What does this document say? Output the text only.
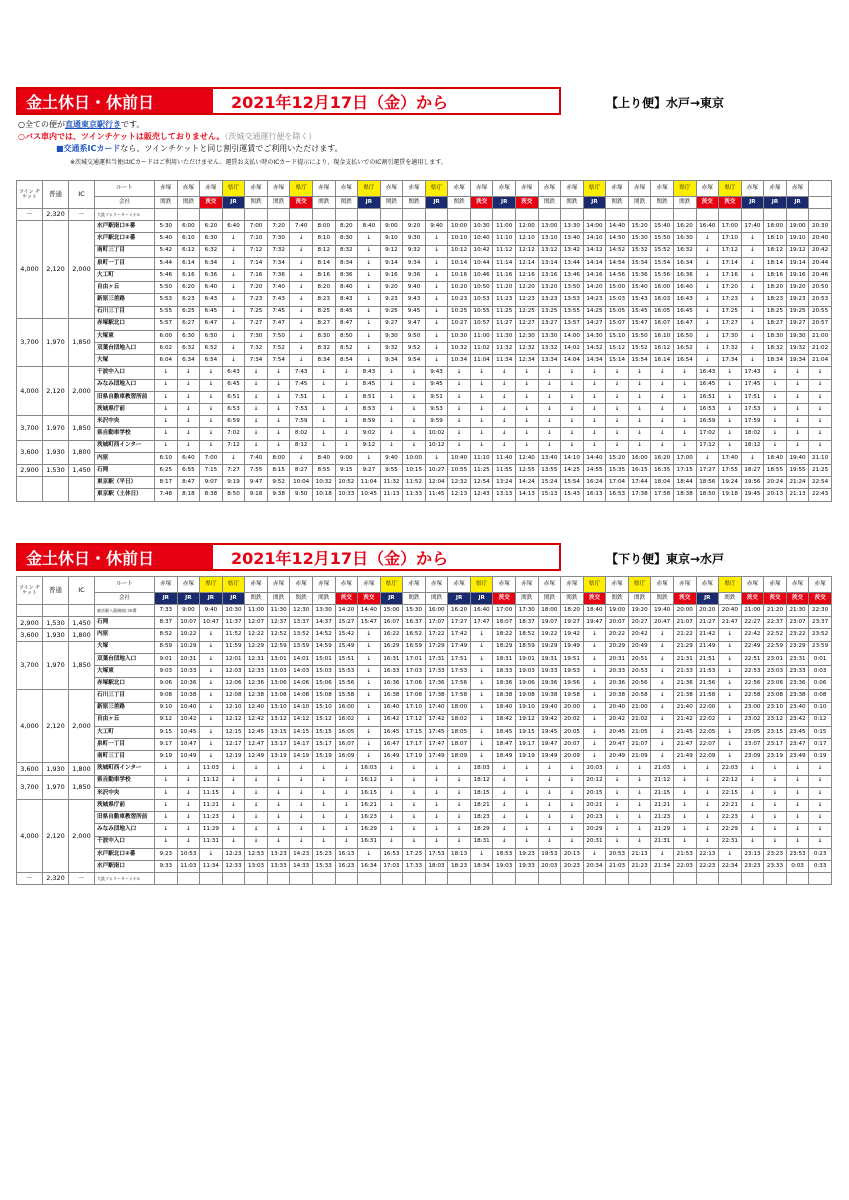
金土休日・休前日	2021年12月17日（金）から	【上り便】水戸→東京
○全ての便が直通東京駅行きです。
○バス車内では、ツインチケットは販売しておりません。（茨城交通運行便を除く）
■交通系ICカードなら、ツインチケットと同じ割引運賃でご利用いただけます。
※茨城交通運担当便はICカードはご利用いただけません。運賃お支払い時のICカード提示により、現金支払いでのIC割引運賃を適用します。
ツイン チケット	普通	IC	ルート	赤塚	赤塚	赤塚	県庁	赤塚	赤塚	県庁	赤塚	赤塚	県庁	赤塚	赤塚	県庁	赤塚	赤塚	赤塚	赤塚	赤塚	赤塚	県庁	赤塚	赤塚	赤塚	県庁	赤塚	県庁	赤塚	赤塚	赤塚	
			会社	関鉄	関鉄	茨交	JR	関鉄	関鉄	茨交	関鉄	関鉄	JR	関鉄	関鉄	JR	関鉄	茨交	JR	茨交	関鉄	関鉄	JR	関鉄	関鉄	関鉄	関鉄	茨交	茨交	JR	JR	JR	
－	2,320	－	大洗フォリーターミナル																														
4,000	2,120	2,000	水戸駅南口⑤番	5:30	6:00	6:20	6:40	7:00	7:20	7:40	8:00	8:20	8:40	9:00	9:20	9:40	10:00	10:30	11:00	12:00	13:00	13:30	14:00	14:40	15:20	15:40	16:20	16:40	17:00	17:40	18:00	19:00	20:30
			水戸駅北口②番	5:40	6:10	6:30	↓	7:10	7:30	↓	8:10	8:30	↓	9:10	9:30	↓	10:10	10:40	11:10	12:10	13:10	13:40	14:10	14:50	15:30	15:50	16:30	↓	17:10	↓	18:10	19:10	20:40
			南町三丁目	5:42	6:12	6:32	↓	7:12	7:32	↓	8:12	8:32	↓	9:12	9:32	↓	10:12	10:42	11:12	12:12	13:12	13:42	14:12	14:52	15:32	15:52	16:32	↓	17:12	↓	18:12	19:12	20:42
			泉町一丁目	5:44	6:14	6:34	↓	7:14	7:34	↓	8:14	8:34	↓	9:14	9:34	↓	10:14	10:44	11:14	12:14	13:14	13:44	14:14	14:54	15:34	15:54	16:34	↓	17:14	↓	18:14	19:14	20:44
			大工町	5:46	6:16	6:36	↓	7:16	7:36	↓	8:16	8:36	↓	9:16	9:36	↓	10:16	10:46	11:16	12:16	13:16	13:46	14:16	14:56	15:36	15:56	16:36	↓	17:16	↓	18:16	19:16	20:46
			自由ヶ丘	5:50	6:20	6:40	↓	7:20	7:40	↓	8:20	8:40	↓	9:20	9:40	↓	10:20	10:50	11:20	12:20	13:20	13:50	14:20	15:00	15:40	16:00	16:40	↓	17:20	↓	18:20	19:20	20:50
			新原三差路	5:53	6:23	6:43	↓	7:23	7:43	↓	8:23	8:43	↓	9:23	9:43	↓	10:23	10:53	11:23	12:23	13:23	13:53	14:23	15:03	15:43	16:03	16:43	↓	17:23	↓	18:23	19:23	20:53
			石川三丁目	5:55	6:25	6:45	↓	7:25	7:45	↓	8:25	8:45	↓	9:25	9:45	↓	10:25	10:55	11:25	12:25	13:25	13:55	14:25	15:05	15:45	16:05	16:45	↓	17:25	↓	18:25	19:25	20:55
3,700	1,970	1,850	赤塚駅北口	5:57	6:27	6:47	↓	7:27	7:47	↓	8:27	8:47	↓	9:27	9:47	↓	10:27	10:57	11:27	12:27	13:27	13:57	14:27	15:07	15:47	16:07	16:47	↓	17:27	↓	18:27	19:27	20:57
			大塚東	6:00	6:30	6:50	↓	7:30	7:50	↓	8:30	8:50	↓	9:30	9:50	↓	10:30	11:00	11:30	12:30	13:30	14:00	14:30	15:10	15:50	16:10	16:50	↓	17:30	↓	18:30	19:30	21:00
			双葉台団地入口	6:02	6:32	6:52	↓	7:32	7:52	↓	8:32	8:52	↓	9:32	9:52	↓	10:32	11:02	11:32	12:32	13:32	14:02	14:32	15:12	15:52	16:12	16:52	↓	17:32	↓	18:32	19:32	21:02
			大塚	6:04	6:34	6:54	↓	7:34	7:54	↓	8:34	8:54	↓	9:34	9:54	↓	10:34	11:04	11:34	12:34	13:34	14:04	14:34	15:14	15:54	16:14	16:54	↓	17:34	↓	18:34	19:34	21:04
4,000	2,120	2,000	千波中入口	↓	↓	↓	6:43	↓	↓	7:43	↓	↓	8:43	↓	↓	9:43	↓	↓	↓	↓	↓	↓	↓	↓	↓	↓	↓	16:43	↓	17:43	↓	↓	↓
			みなみ団地入口	↓	↓	↓	6:45	↓	↓	7:45	↓	↓	8:45	↓	↓	9:45	↓	↓	↓	↓	↓	↓	↓	↓	↓	↓	↓	16:45	↓	17:45	↓	↓	↓
			旧県自動車教習所前	↓	↓	↓	6:51	↓	↓	7:51	↓	↓	8:51	↓	↓	9:51	↓	↓	↓	↓	↓	↓	↓	↓	↓	↓	↓	16:51	↓	17:51	↓	↓	↓
			茨城県庁前	↓	↓	↓	6:53	↓	↓	7:53	↓	↓	8:53	↓	↓	9:53	↓	↓	↓	↓	↓	↓	↓	↓	↓	↓	↓	16:53	↓	17:53	↓	↓	↓
3,700	1,970	1,850	米沢中央	↓	↓	↓	6:59	↓	↓	7:59	↓	↓	8:59	↓	↓	9:59	↓	↓	↓	↓	↓	↓	↓	↓	↓	↓	↓	16:59	↓	17:59	↓	↓	↓
			県自動車学校	↓	↓	↓	7:02	↓	↓	8:02	↓	↓	9:02	↓	↓	10:02	↓	↓	↓	↓	↓	↓	↓	↓	↓	↓	↓	17:02	↓	18:02	↓	↓	↓
3,600	1,930	1,800	茨城町西インター	↓	↓	↓	7:12	↓	↓	8:12	↓	↓	9:12	↓	↓	10:12	↓	↓	↓	↓	↓	↓	↓	↓	↓	↓	↓	17:12	↓	18:12	↓	↓	↓
			内原	6:10	6:40	7:00	↓	7:40	8:00	↓	8:40	9:00	↓	9:40	10:00	↓	10:40	11:10	11:40	12:40	13:40	14:10	14:40	15:20	16:00	16:20	17:00	↓	17:40	↓	18:40	19:40	21:10
2,900	1,530	1,450	石岡	6:25	6:55	7:15	7:27	7:55	8:15	8:27	8:55	9:15	9:27	9:55	10:15	10:27	10:55	11:25	11:55	12:55	13:55	14:25	14:55	15:35	16:15	16:35	17:15	17:27	17:55	18:27	18:55	19:55	21:25
			東京駅（平日）	8:17	8:47	9:07	9:19	9:47	9:52	10:04	10:32	10:52	11:04	11:32	11:52	12:04	12:32	12:54	13:24	14:24	15:24	15:54	16:24	17:04	17:44	18:04	18:44	18:56	19:24	19:56	20:24	21:24	22:54
			東京駅（土休日）	7:48	8:18	8:38	8:50	9:18	9:38	9:50	10:18	10:33	10:45	11:13	11:33	11:45	12:13	12:43	13:13	14:13	15:13	15:43	16:13	16:53	17:38	17:58	18:38	18:50	19:18	19:45	20:13	21:13	22:43
金土休日・休前日	2021年12月17日（金）から	【下り便】東京→水戸
ツイン チケット	普通	IC	ルート	赤塚	赤塚	県庁	県庁	赤塚	赤塚	赤塚	赤塚	赤塚	赤塚	県庁	赤塚	赤塚	赤塚	県庁	赤塚	赤塚	赤塚	赤塚	県庁	赤塚	県庁	赤塚	赤塚	赤塚	県庁	赤塚	赤塚	赤塚	赤塚
			会社	JR	JR	JR	JR	関鉄	関鉄	関鉄	関鉄	茨交	茨交	JR	関鉄	関鉄	JR	JR	茨交	関鉄	関鉄	関鉄	茨交	関鉄	関鉄	関鉄	茨交	JR	関鉄	茨交	茨交	茨交	茨交
			東京駅八重洲南口⑤番	7:33	9:00	9:40	10:30	11:00	11:30	12:30	13:30	14:20	14:40	15:00	15:30	16:00	16:20	16:40	17:00	17:30	18:00	18:20	18:40	19:00	19:20	19:40	20:00	20:20	20:40	21:00	21:20	21:30	22:30
2,900	1,530	1,450	石岡	8:37	10:07	10:47	11:37	12:07	12:37	13:37	14:37	15:27	15:47	16:07	16:37	17:07	17:27	17:47	18:07	18:37	19:07	19:27	19:47	20:07	20:27	20:47	21:07	21:27	21:47	22:27	22:37	23:07	23:37
3,600	1,930	1,800	内原	8:52	10:22	↓	11:52	12:22	12:52	13:52	14:52	15:42	↓	16:22	16:52	17:22	17:42	↓	18:22	18:52	19:22	19:42	↓	20:22	20:42	↓	21:22	21:42	↓	22:42	22:52	23:22	23:52
3,700	1,970	1,850	大塚	8:59	10:29	↓	11:59	12:29	12:59	13:59	14:59	15:49	↓	16:29	16:59	17:29	17:49	↓	18:29	18:59	19:29	19:49	↓	20:29	20:49	↓	21:29	21:49	↓	22:49	22:59	23:29	23:59
			双葉台団地入口	9:01	10:31	↓	12:01	12:31	13:01	14:01	15:01	15:51	↓	16:31	17:01	17:31	17:51	↓	18:31	19:01	19:31	19:51	↓	20:31	20:51	↓	21:31	21:51	↓	22:51	23:01	23:31	0:01
			大塚東	9:03	10:33	↓	12:03	12:33	13:03	14:03	15:03	15:53	↓	16:33	17:03	17:33	17:53	↓	18:33	19:03	19:33	19:53	↓	20:33	20:53	↓	21:33	21:53	↓	22:53	23:03	23:33	0:03
			赤塚駅北口	9:06	10:36	↓	12:06	12:36	13:06	14:06	15:06	15:56	↓	16:36	17:06	17:36	17:56	↓	18:36	19:06	19:36	19:56	↓	20:36	20:56	↓	21:36	21:56	↓	22:56	23:06	23:36	0:06
4,000	2,120	2,000	石川三丁目	9:08	10:38	↓	12:08	12:38	13:08	14:08	15:08	15:58	↓	16:38	17:08	17:38	17:58	↓	18:38	19:08	19:38	19:58	↓	20:38	20:58	↓	21:38	21:58	↓	22:58	23:08	23:38	0:08
			新原三差路	9:10	10:40	↓	12:10	12:40	13:10	14:10	15:10	16:00	↓	16:40	17:10	17:40	18:00	↓	18:40	19:10	19:40	20:00	↓	20:40	21:00	↓	21:40	22:00	↓	23:00	23:10	23:40	0:10
			自由ヶ丘	9:12	10:42	↓	12:12	12:42	13:12	14:12	15:12	16:02	↓	16:42	17:12	17:42	18:02	↓	18:42	19:12	19:42	20:02	↓	20:42	21:02	↓	21:42	22:02	↓	23:02	23:12	23:42	0:12
			大工町	9:15	10:45	↓	12:15	12:45	13:15	14:15	15:15	16:05	↓	16:45	17:15	17:45	18:05	↓	18:45	19:15	19:45	20:05	↓	20:45	21:05	↓	21:45	22:05	↓	23:05	23:15	23:45	0:15
			泉町一丁目	9:17	10:47	↓	12:17	12:47	13:17	14:17	15:17	16:07	↓	16:47	17:17	17:47	18:07	↓	18:47	19:17	19:47	20:07	↓	20:47	21:07	↓	21:47	22:07	↓	23:07	23:17	23:47	0:17
			南町三丁目	9:19	10:49	↓	12:19	12:49	13:19	14:19	15:19	16:09	↓	16:49	17:19	17:49	18:09	↓	18:49	19:19	19:49	20:09	↓	20:49	21:09	↓	21:49	22:09	↓	23:09	23:19	23:49	0:19
3,600	1,930	1,800	茨城町西インター	↓	↓	11:03	↓	↓	↓	↓	↓	↓	16:03	↓	↓	↓	↓	18:03	↓	↓	↓	↓	20:03	↓	↓	21:03	↓	↓	22:03	↓	↓	↓	↓
3,700	1,970	1,850	県自動車学校	↓	↓	11:12	↓	↓	↓	↓	↓	↓	16:12	↓	↓	↓	↓	18:12	↓	↓	↓	↓	20:12	↓	↓	21:12	↓	↓	22:12	↓	↓	↓	↓
			米沢中央	↓	↓	11:15	↓	↓	↓	↓	↓	↓	16:15	↓	↓	↓	↓	18:15	↓	↓	↓	↓	20:15	↓	↓	21:15	↓	↓	22:15	↓	↓	↓	↓
4,000	2,120	2,000	茨城県庁前	↓	↓	11:21	↓	↓	↓	↓	↓	↓	16:21	↓	↓	↓	↓	18:21	↓	↓	↓	↓	20:21	↓	↓	21:21	↓	↓	22:21	↓	↓	↓	↓
			旧県自動車教習所前	↓	↓	11:23	↓	↓	↓	↓	↓	↓	16:23	↓	↓	↓	↓	18:23	↓	↓	↓	↓	20:23	↓	↓	21:23	↓	↓	22:23	↓	↓	↓	↓
			みなみ団地入口	↓	↓	11:29	↓	↓	↓	↓	↓	↓	16:29	↓	↓	↓	↓	18:29	↓	↓	↓	↓	20:29	↓	↓	21:29	↓	↓	22:29	↓	↓	↓	↓
			千波中入口	↓	↓	11:31	↓	↓	↓	↓	↓	↓	16:31	↓	↓	↓	↓	18:31	↓	↓	↓	↓	20:31	↓	↓	21:31	↓	↓	22:31	↓	↓	↓	↓
			水戸駅北口②番	9:23	10:53	↓	12:23	12:53	13:23	14:23	15:23	16:13	↓	16:53	17:23	17:53	18:13	↓	18:53	19:23	19:53	20:13	↓	20:53	21:13	↓	21:53	22:13	↓	23:13	23:23	23:53	0:23
			水戸駅南口	9:33	11:03	11:34	12:33	13:03	13:33	14:33	15:33	16:23	16:34	17:03	17:33	18:03	18:23	18:34	19:03	19:33	20:03	20:23	20:34	21:03	21:23	21:34	22:03	22:23	22:34	23:23	23:33	0:03	0:33
－	2,320	－	大洗フォリーターミナル																														
